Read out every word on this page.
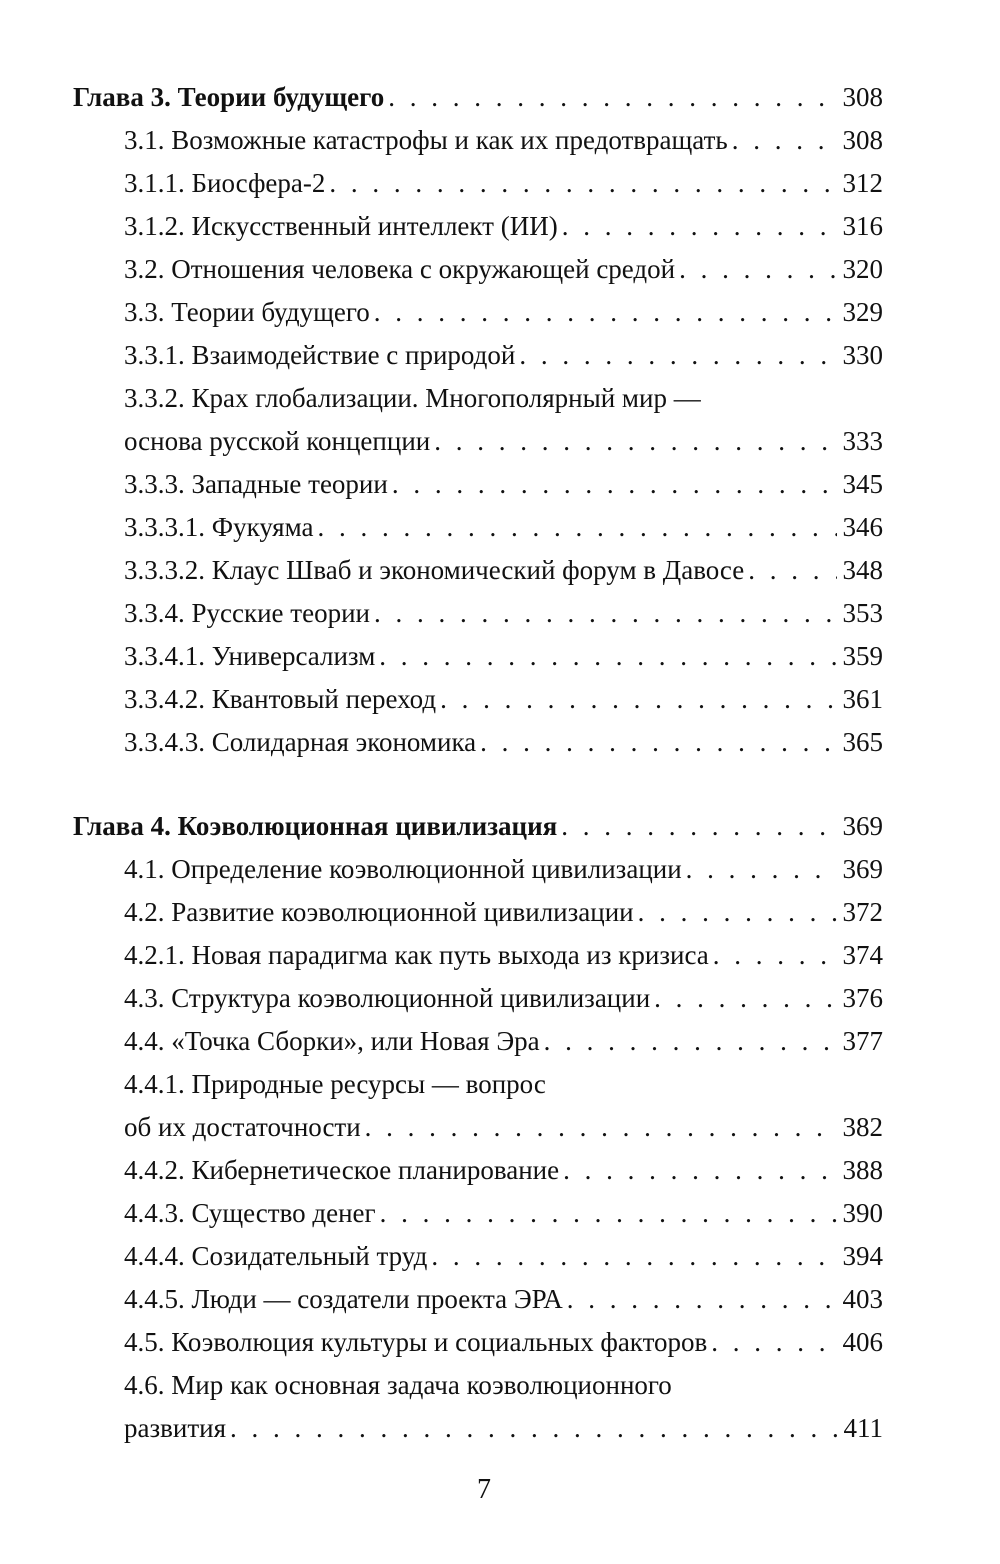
Глава 3. Теории будущего . . .	308
3.1. Возможные катастрофы и как их предотвращать . . .	308
3.1.1. Биосфера-2 . . .	312
3.1.2. Искусственный интеллект (ИИ) . . .	316
3.2. Отношения человека с окружающей средой . . .	320
3.3. Теории будущего . . .	329
3.3.1. Взаимодействие с природой . . .	330
3.3.2. Крах глобализации. Многополярный мир —
основа русской концепции . . .	333
3.3.3. Западные теории . . .	345
3.3.3.1. Фукуяма . . .	346
3.3.3.2. Клаус Шваб и экономический форум в Давосе . . .	348
3.3.4. Русские теории . . .	353
3.3.4.1. Универсализм . . .	359
3.3.4.2. Квантовый переход . . .	361
3.3.4.3. Солидарная экономика . . .	365
Глава 4. Коэволюционная цивилизация . . .	369
4.1. Определение коэволюционной цивилизации . . .	369
4.2. Развитие коэволюционной цивилизации . . .	372
4.2.1. Новая парадигма как путь выхода из кризиса . . .	374
4.3. Структура коэволюционной цивилизации . . .	376
4.4. «Точка Сборки», или Новая Эра . . .	377
4.4.1. Природные ресурсы — вопрос
об их достаточности . . .	382
4.4.2. Кибернетическое планирование . . .	388
4.4.3. Существо денег . . .	390
4.4.4. Созидательный труд . . .	394
4.4.5. Люди — создатели проекта ЭРА . . .	403
4.5. Коэволюция культуры и социальных факторов . . .	406
4.6. Мир как основная задача коэволюционного
развития . . .	411
7
